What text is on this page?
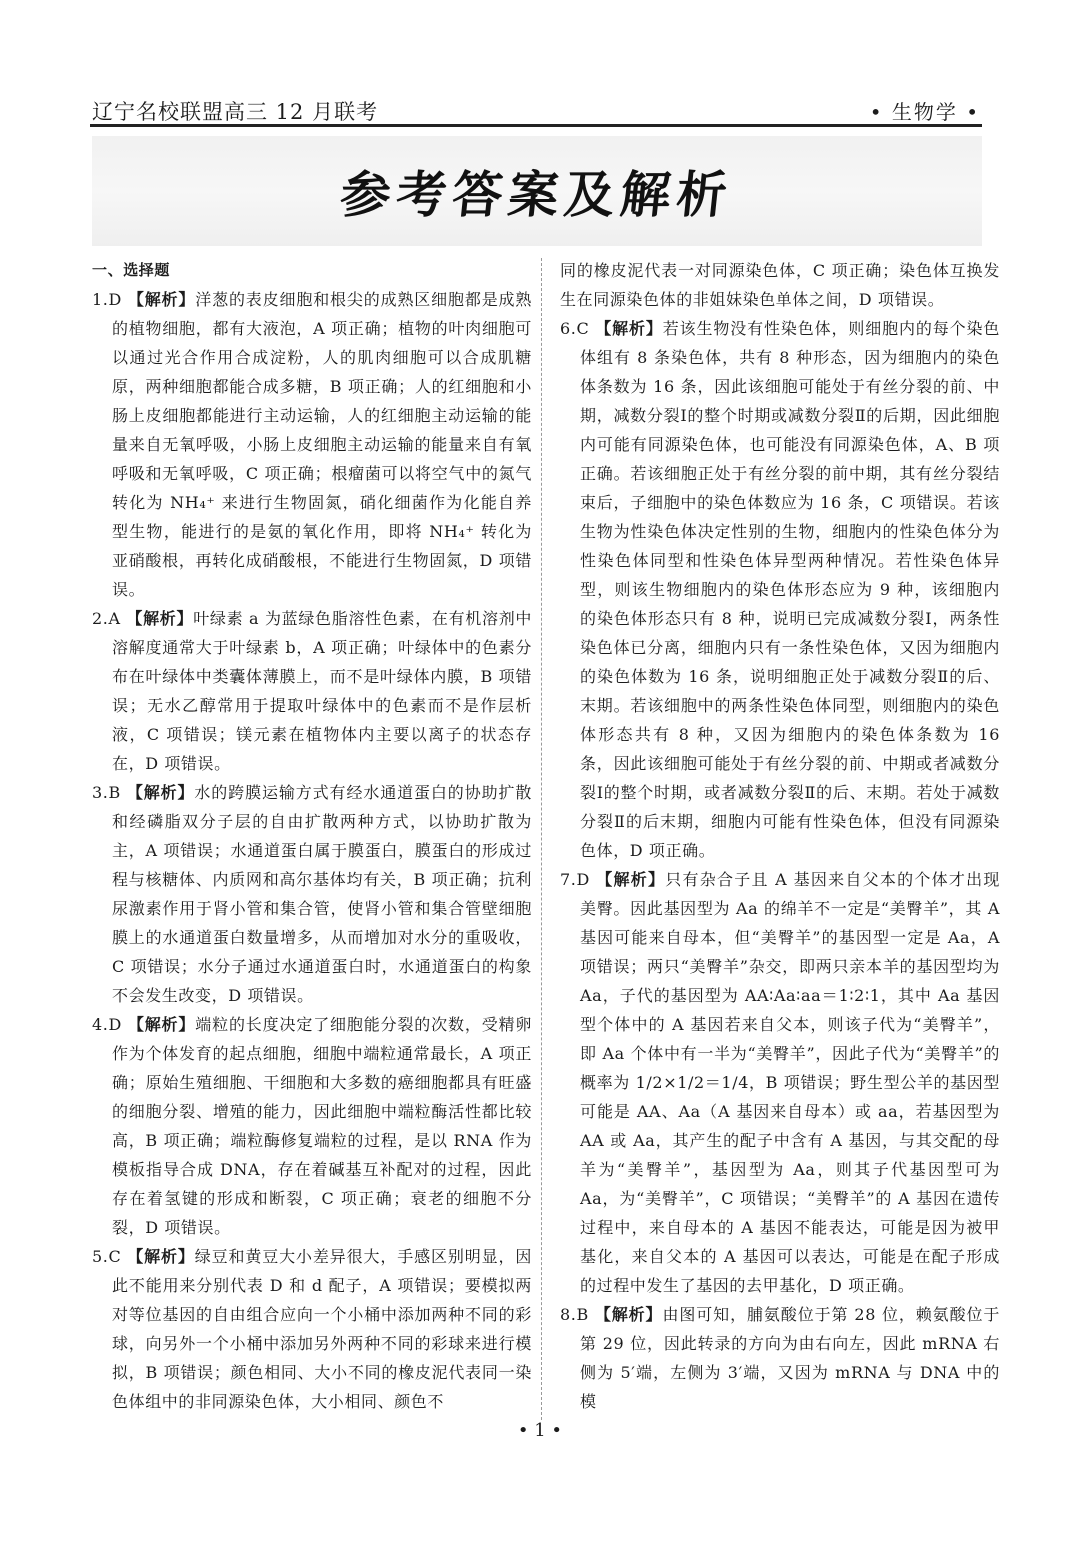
辽宁名校联盟高三 12 月联考	• 生物学 •
参考答案及解析
一、选择题

1.D 【解析】洋葱的表皮细胞和根尖的成熟区细胞都是成熟的植物细胞，都有大液泡，A 项正确；植物的叶肉细胞可以通过光合作用合成淀粉，人的肌肉细胞可以合成肌糖原，两种细胞都能合成多糖，B 项正确；人的红细胞和小肠上皮细胞都能进行主动运输，人的红细胞主动运输的能量来自无氧呼吸，小肠上皮细胞主动运输的能量来自有氧呼吸和无氧呼吸，C 项正确；根瘤菌可以将空气中的氮气转化为 NH₄⁺ 来进行生物固氮，硝化细菌作为化能自养型生物，能进行的是氨的氧化作用，即将 NH₄⁺ 转化为亚硝酸根，再转化成硝酸根，不能进行生物固氮，D 项错误。

2.A 【解析】叶绿素 a 为蓝绿色脂溶性色素，在有机溶剂中溶解度通常大于叶绿素 b，A 项正确；叶绿体中的色素分布在叶绿体中类囊体薄膜上，而不是叶绿体内膜，B 项错误；无水乙醇常用于提取叶绿体中的色素而不是作层析液，C 项错误；镁元素在植物体内主要以离子的状态存在，D 项错误。

3.B 【解析】水的跨膜运输方式有经水通道蛋白的协助扩散和经磷脂双分子层的自由扩散两种方式，以协助扩散为主，A 项错误；水通道蛋白属于膜蛋白，膜蛋白的形成过程与核糖体、内质网和高尔基体均有关，B 项正确；抗利尿激素作用于肾小管和集合管，使肾小管和集合管壁细胞膜上的水通道蛋白数量增多，从而增加对水分的重吸收，C 项错误；水分子通过水通道蛋白时，水通道蛋白的构象不会发生改变，D 项错误。

4.D 【解析】端粒的长度决定了细胞能分裂的次数，受精卵作为个体发育的起点细胞，细胞中端粒通常最长，A 项正确；原始生殖细胞、干细胞和大多数的癌细胞都具有旺盛的细胞分裂、增殖的能力，因此细胞中端粒酶活性都比较高，B 项正确；端粒酶修复端粒的过程，是以 RNA 作为模板指导合成 DNA，存在着碱基互补配对的过程，因此存在着氢键的形成和断裂，C 项正确；衰老的细胞不分裂，D 项错误。

5.C 【解析】绿豆和黄豆大小差异很大，手感区别明显，因此不能用来分别代表 D 和 d 配子，A 项错误；要模拟两对等位基因的自由组合应向一个小桶中添加两种不同的彩球，向另外一个小桶中添加另外两种不同的彩球来进行模拟，B 项错误；颜色相同、大小不同的橡皮泥代表同一染色体组中的非同源染色体，大小相同、颜色不

同的橡皮泥代表一对同源染色体，C 项正确；染色体互换发生在同源染色体的非姐妹染色单体之间，D 项错误。

6.C 【解析】若该生物没有性染色体，则细胞内的每个染色体组有 8 条染色体，共有 8 种形态，因为细胞内的染色体条数为 16 条，因此该细胞可能处于有丝分裂的前、中期，减数分裂Ⅰ的整个时期或减数分裂Ⅱ的后期，因此细胞内可能有同源染色体，也可能没有同源染色体，A、B 项正确。若该细胞正处于有丝分裂的前中期，其有丝分裂结束后，子细胞中的染色体数应为 16 条，C 项错误。若该生物为性染色体决定性别的生物，细胞内的性染色体分为性染色体同型和性染色体异型两种情况。若性染色体异型，则该生物细胞内的染色体形态应为 9 种，该细胞内的染色体形态只有 8 种，说明已完成减数分裂Ⅰ，两条性染色体已分离，细胞内只有一条性染色体，又因为细胞内的染色体数为 16 条，说明细胞正处于减数分裂Ⅱ的后、末期。若该细胞中的两条性染色体同型，则细胞内的染色体形态共有 8 种，又因为细胞内的染色体条数为 16 条，因此该细胞可能处于有丝分裂的前、中期或者减数分裂Ⅰ的整个时期，或者减数分裂Ⅱ的后、末期。若处于减数分裂Ⅱ的后末期，细胞内可能有性染色体，但没有同源染色体，D 项正确。

7.D 【解析】只有杂合子且 A 基因来自父本的个体才出现美臀。因此基因型为 Aa 的绵羊不一定是“美臀羊”，其 A 基因可能来自母本，但“美臀羊”的基因型一定是 Aa，A 项错误；两只“美臀羊”杂交，即两只亲本羊的基因型均为 Aa，子代的基因型为 AA∶Aa∶aa＝1∶2∶1，其中 Aa 基因型个体中的 A 基因若来自父本，则该子代为“美臀羊”，即 Aa 个体中有一半为“美臀羊”，因此子代为“美臀羊”的概率为 1/2×1/2＝1/4，B 项错误；野生型公羊的基因型可能是 AA、Aa（A 基因来自母本）或 aa，若基因型为 AA 或 Aa，其产生的配子中含有 A 基因，与其交配的母羊为“美臀羊”，基因型为 Aa，则其子代基因型可为 Aa，为“美臀羊”，C 项错误；“美臀羊”的 A 基因在遗传过程中，来自母本的 A 基因不能表达，可能是因为被甲基化，来自父本的 A 基因可以表达，可能是在配子形成的过程中发生了基因的去甲基化，D 项正确。

8.B 【解析】由图可知，脯氨酸位于第 28 位，赖氨酸位于第 29 位，因此转录的方向为由右向左，因此 mRNA 右侧为 5′端，左侧为 3′端，又因为 mRNA 与 DNA 中的模

• 1 •
